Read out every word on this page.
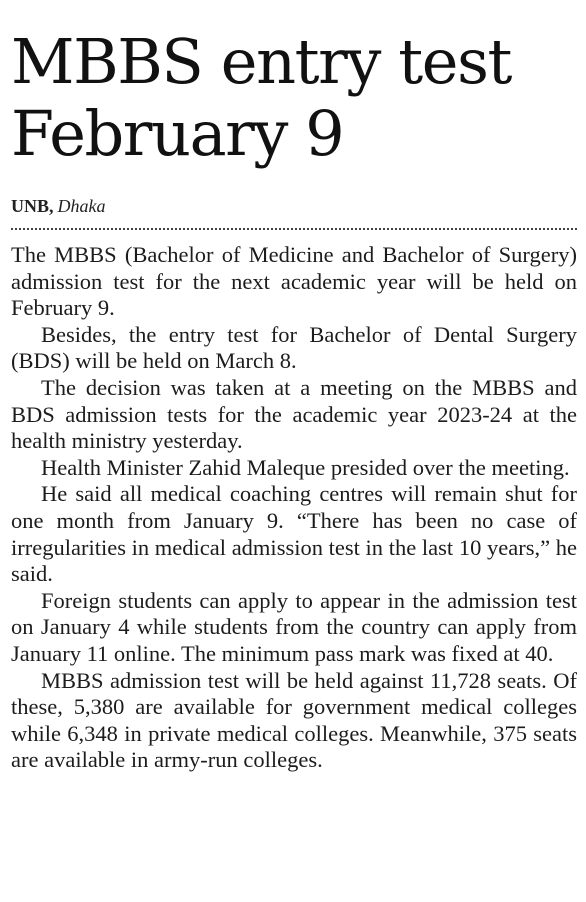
MBBS entry test
February 9
UNB, Dhaka

The MBBS (Bachelor of Medicine and Bachelor of Surgery) admission test for the next academic year will be held on February 9.

Besides, the entry test for Bachelor of Dental Surgery (BDS) will be held on March 8.

The decision was taken at a meeting on the MBBS and BDS admission tests for the academic year 2023-24 at the health ministry yesterday.

Health Minister Zahid Maleque presided over the meeting.

He said all medical coaching centres will remain shut for one month from January 9. “There has been no case of irregularities in medical admission test in the last 10 years,” he said.

Foreign students can apply to appear in the admission test on January 4 while students from the country can apply from January 11 online. The minimum pass mark was fixed at 40.

MBBS admission test will be held against 11,728 seats. Of these, 5,380 are available for government medical colleges while 6,348 in private medical colleges. Meanwhile, 375 seats are available in army-run colleges.
